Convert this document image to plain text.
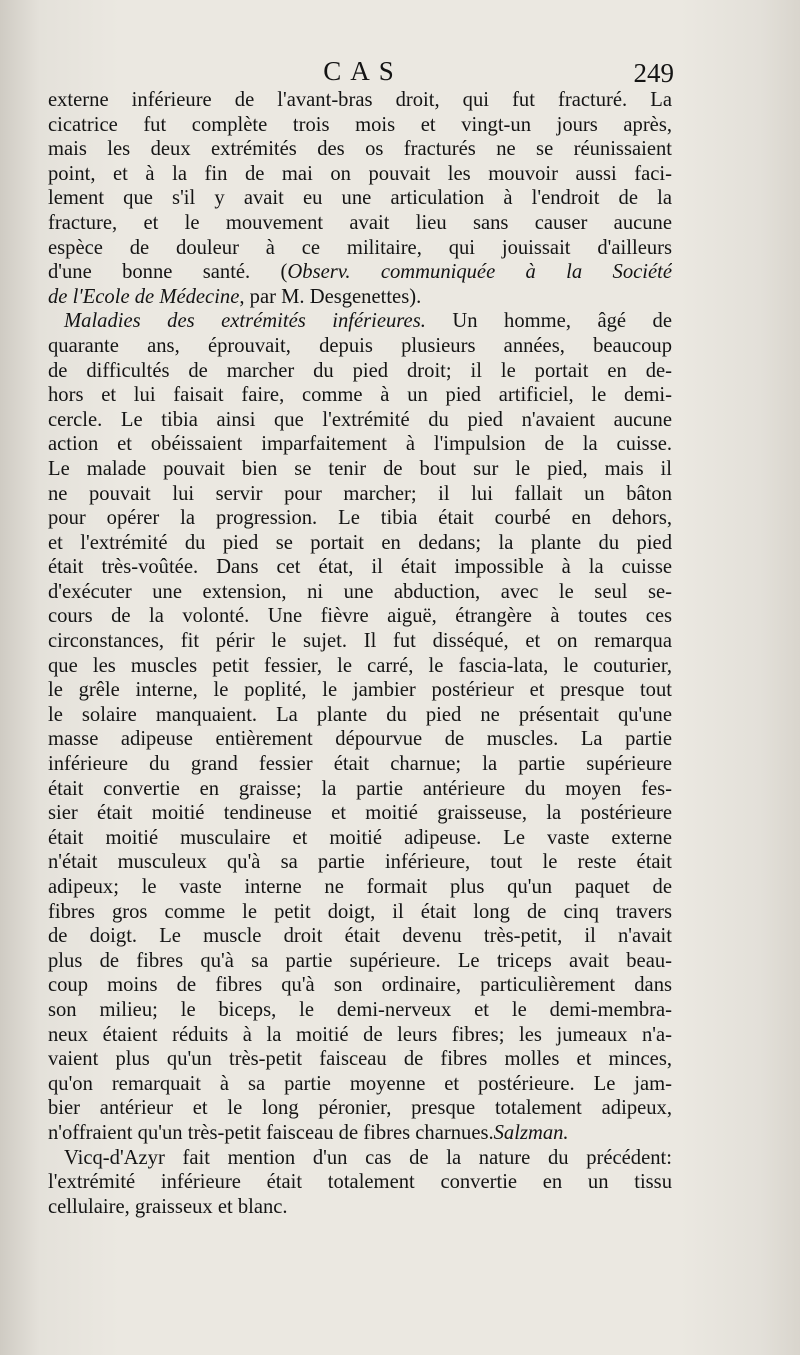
CAS	249
externe inférieure de l'avant-bras droit, qui fut fracturé. La
cicatrice fut complète trois mois et vingt-un jours après,
mais les deux extrémités des os fracturés ne se réunissaient
point, et à la fin de mai on pouvait les mouvoir aussi faci-
lement que s'il y avait eu une articulation à l'endroit de la
fracture, et le mouvement avait lieu sans causer aucune
espèce de douleur à ce militaire, qui jouissait d'ailleurs
d'une bonne santé. (Observ. communiquée à la Société
de l'Ecole de Médecine, par M. Desgenettes).
Maladies des extrémités inférieures. Un homme, âgé de
quarante ans, éprouvait, depuis plusieurs années, beaucoup
de difficultés de marcher du pied droit; il le portait en de-
hors et lui faisait faire, comme à un pied artificiel, le demi-
cercle. Le tibia ainsi que l'extrémité du pied n'avaient aucune
action et obéissaient imparfaitement à l'impulsion de la cuisse.
Le malade pouvait bien se tenir de bout sur le pied, mais il
ne pouvait lui servir pour marcher; il lui fallait un bâton
pour opérer la progression. Le tibia était courbé en dehors,
et l'extrémité du pied se portait en dedans; la plante du pied
était très-voûtée. Dans cet état, il était impossible à la cuisse
d'exécuter une extension, ni une abduction, avec le seul se-
cours de la volonté. Une fièvre aiguë, étrangère à toutes ces
circonstances, fit périr le sujet. Il fut disséqué, et on remarqua
que les muscles petit fessier, le carré, le fascia-lata, le couturier,
le grêle interne, le poplité, le jambier postérieur et presque tout
le solaire manquaient. La plante du pied ne présentait qu'une
masse adipeuse entièrement dépourvue de muscles. La partie
inférieure du grand fessier était charnue; la partie supérieure
était convertie en graisse; la partie antérieure du moyen fes-
sier était moitié tendineuse et moitié graisseuse, la postérieure
était moitié musculaire et moitié adipeuse. Le vaste externe
n'était musculeux qu'à sa partie inférieure, tout le reste était
adipeux; le vaste interne ne formait plus qu'un paquet de
fibres gros comme le petit doigt, il était long de cinq travers
de doigt. Le muscle droit était devenu très-petit, il n'avait
plus de fibres qu'à sa partie supérieure. Le triceps avait beau-
coup moins de fibres qu'à son ordinaire, particulièrement dans
son milieu; le biceps, le demi-nerveux et le demi-membra-
neux étaient réduits à la moitié de leurs fibres; les jumeaux n'a-
vaient plus qu'un très-petit faisceau de fibres molles et minces,
qu'on remarquait à sa partie moyenne et postérieure. Le jam-
bier antérieur et le long péronier, presque totalement adipeux,
n'offraient qu'un très-petit faisceau de fibres charnues.Salzman.
Vicq-d'Azyr fait mention d'un cas de la nature du précédent:
l'extrémité inférieure était totalement convertie en un tissu
cellulaire, graisseux et blanc.
